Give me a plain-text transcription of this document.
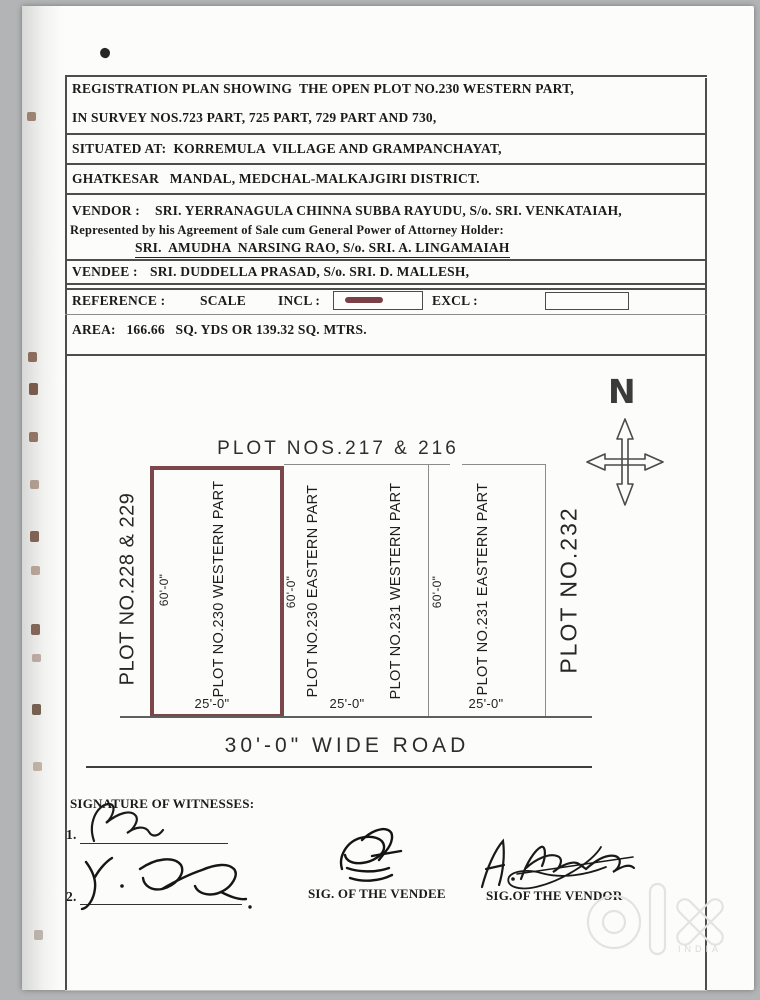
REGISTRATION PLAN SHOWING  THE OPEN PLOT NO.230 WESTERN PART,
IN SURVEY NOS.723 PART, 725 PART, 729 PART AND 730,
SITUATED AT:  KORREMULA  VILLAGE AND GRAMPANCHAYAT,
GHATKESAR   MANDAL, MEDCHAL-MALKAJGIRI DISTRICT.
VENDOR : SRI. YERRANAGULA CHINNA SUBBA RAYUDU, S/o. SRI. VENKATAIAH,
Represented by his Agreement of Sale cum General Power of Attorney Holder:
SRI.  AMUDHA  NARSING RAO, S/o. SRI. A. LINGAMAIAH
VENDEE : SRI. DUDDELLA PRASAD, S/o. SRI. D. MALLESH,
REFERENCE :	SCALE INCL :	EXCL :
AREA:   166.66   SQ. YDS OR 139.32 SQ. MTRS.
N
PLOT NOS.217 & 216
PLOT NO.228 & 229	PLOT NO.232
PLOT NO.230 WESTERN PART	PLOT NO.230 EASTERN PART	PLOT NO.231 WESTERN PART	PLOT NO.231 EASTERN PART
60'-0"	60'-0"	60'-0"
25'-0"	25'-0"	25'-0"
30'-0" WIDE ROAD
SIGNATURE OF WITNESSES:
1.
2.	SIG. OF THE VENDEE	SIG.OF THE VENDOR
INDIA
